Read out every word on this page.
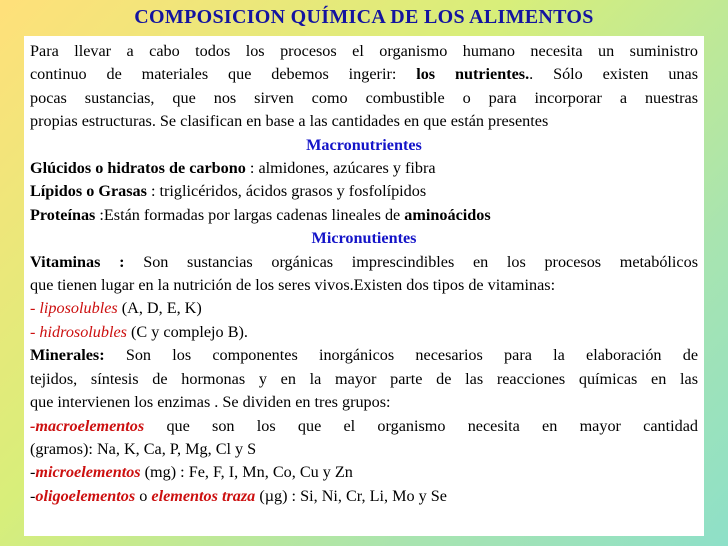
COMPOSICION QUÍMICA DE LOS ALIMENTOS

Para llevar a cabo todos los procesos el organismo humano necesita un suministro

continuo de materiales que debemos ingerir: los nutrientes.. Sólo existen unas

pocas sustancias, que nos sirven como combustible o para incorporar a nuestras

propias estructuras. Se clasifican en base a las cantidades en que están presentes

Macronutrientes

Glúcidos o hidratos de carbono : almidones, azúcares y fibra

Lípidos o Grasas : triglicéridos, ácidos grasos y fosfolípidos

Proteínas :Están formadas por largas cadenas lineales de aminoácidos

Micronutientes

Vitaminas : Son sustancias orgánicas imprescindibles en los procesos metabólicos

que tienen lugar en la nutrición de los seres vivos.Existen dos tipos de vitaminas:

- liposolubles (A, D, E, K)

- hidrosolubles (C y complejo B).

Minerales: Son los componentes inorgánicos necesarios para la elaboración de

tejidos, síntesis de hormonas y en la mayor parte de las reacciones químicas en las

que intervienen los enzimas . Se dividen en tres grupos:

-macroelementos que son los que el organismo necesita en mayor cantidad

(gramos): Na, K, Ca, P, Mg, Cl y S

-microelementos (mg) : Fe, F, I, Mn, Co, Cu y Zn

-oligoelementos o elementos traza (µg) : Si, Ni, Cr, Li, Mo y Se
